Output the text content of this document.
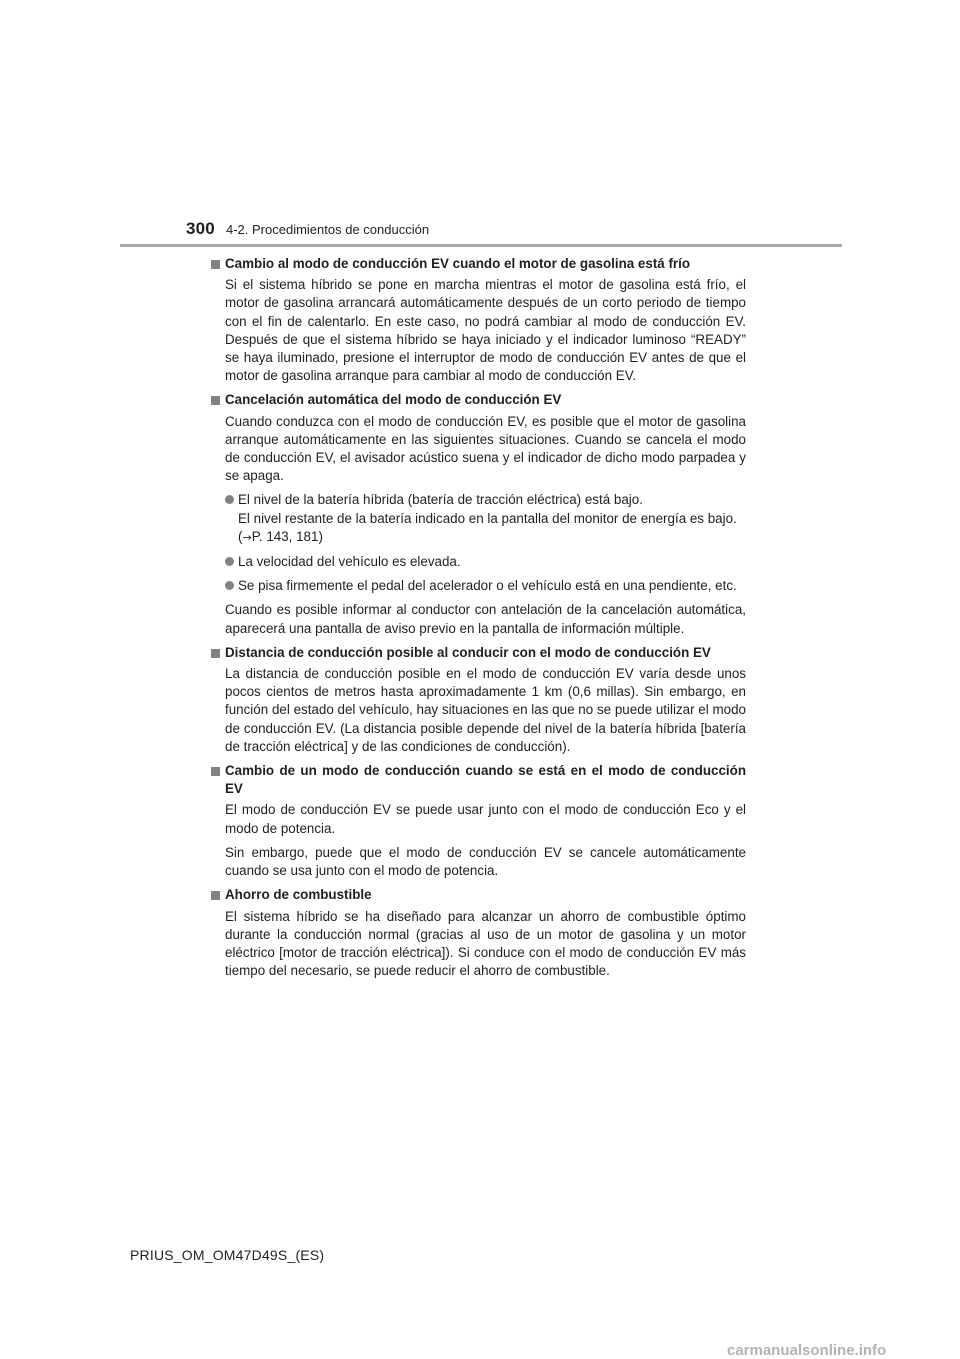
300 4-2. Procedimientos de conducción
Cambio al modo de conducción EV cuando el motor de gasolina está frío
Si el sistema híbrido se pone en marcha mientras el motor de gasolina está frío, el motor de gasolina arrancará automáticamente después de un corto periodo de tiempo con el fin de calentarlo. En este caso, no podrá cambiar al modo de conducción EV. Después de que el sistema híbrido se haya iniciado y el indicador luminoso “READY” se haya iluminado, presione el interruptor de modo de conducción EV antes de que el motor de gasolina arranque para cambiar al modo de conducción EV.
Cancelación automática del modo de conducción EV
Cuando conduzca con el modo de conducción EV, es posible que el motor de gasolina arranque automáticamente en las siguientes situaciones. Cuando se cancela el modo de conducción EV, el avisador acústico suena y el indicador de dicho modo parpadea y se apaga.
El nivel de la batería híbrida (batería de tracción eléctrica) está bajo.
El nivel restante de la batería indicado en la pantalla del monitor de energía es bajo.
(→P. 143, 181)
La velocidad del vehículo es elevada.
Se pisa firmemente el pedal del acelerador o el vehículo está en una pendiente, etc.
Cuando es posible informar al conductor con antelación de la cancelación automática, aparecerá una pantalla de aviso previo en la pantalla de información múltiple.
Distancia de conducción posible al conducir con el modo de conducción EV
La distancia de conducción posible en el modo de conducción EV varía desde unos pocos cientos de metros hasta aproximadamente 1 km (0,6 millas). Sin embargo, en función del estado del vehículo, hay situaciones en las que no se puede utilizar el modo de conducción EV. (La distancia posible depende del nivel de la batería híbrida [batería de tracción eléctrica] y de las condiciones de conducción).
Cambio de un modo de conducción cuando se está en el modo de conducción EV
El modo de conducción EV se puede usar junto con el modo de conducción Eco y el modo de potencia.
Sin embargo, puede que el modo de conducción EV se cancele automáticamente cuando se usa junto con el modo de potencia.
Ahorro de combustible
El sistema híbrido se ha diseñado para alcanzar un ahorro de combustible óptimo durante la conducción normal (gracias al uso de un motor de gasolina y un motor eléctrico [motor de tracción eléctrica]). Si conduce con el modo de conducción EV más tiempo del necesario, se puede reducir el ahorro de combustible.
PRIUS_OM_OM47D49S_(ES)
carmanualsonline.info
